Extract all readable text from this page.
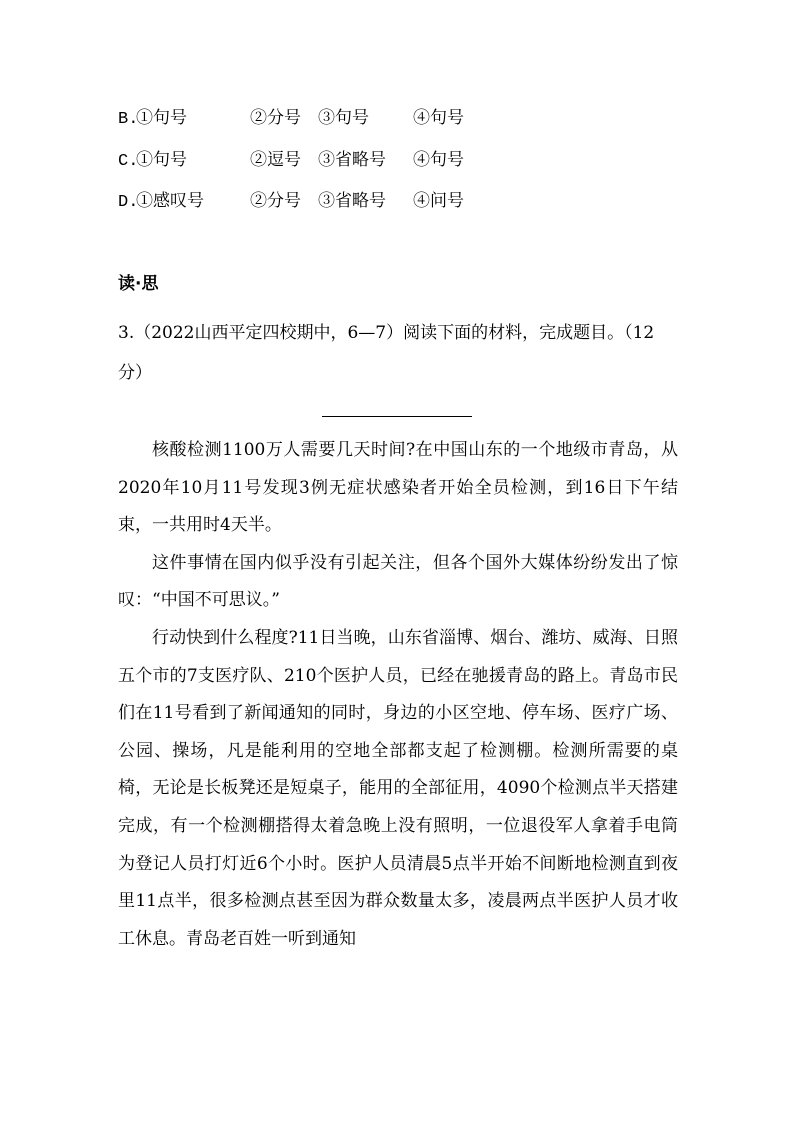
B.①句号	②分号 ③句号	④句号
C.①句号	②逗号 ③省略号 ④句号
D.①感叹号	②分号 ③省略号 ④问号
读·思
3.（2022山西平定四校期中，6—7）阅读下面的材料，完成题目。（12分）

核酸检测1100万人需要几天时间?在中国山东的一个地级市青岛，从2020年10月11号发现3例无症状感染者开始全员检测，到16日下午结束，一共用时4天半。

这件事情在国内似乎没有引起关注，但各个国外大媒体纷纷发出了惊叹：“中国不可思议。”

行动快到什么程度?11日当晚，山东省淄博、烟台、潍坊、威海、日照五个市的7支医疗队、210个医护人员，已经在驰援青岛的路上。青岛市民们在11号看到了新闻通知的同时，身边的小区空地、停车场、医疗广场、公园、操场，凡是能利用的空地全部都支起了检测棚。检测所需要的桌椅，无论是长板凳还是短桌子，能用的全部征用，4090个检测点半天搭建完成，有一个检测棚搭得太着急晚上没有照明，一位退役军人拿着手电筒为登记人员打灯近6个小时。医护人员清晨5点半开始不间断地检测直到夜里11点半，很多检测点甚至因为群众数量太多，凌晨两点半医护人员才收工休息。青岛老百姓一听到通知
